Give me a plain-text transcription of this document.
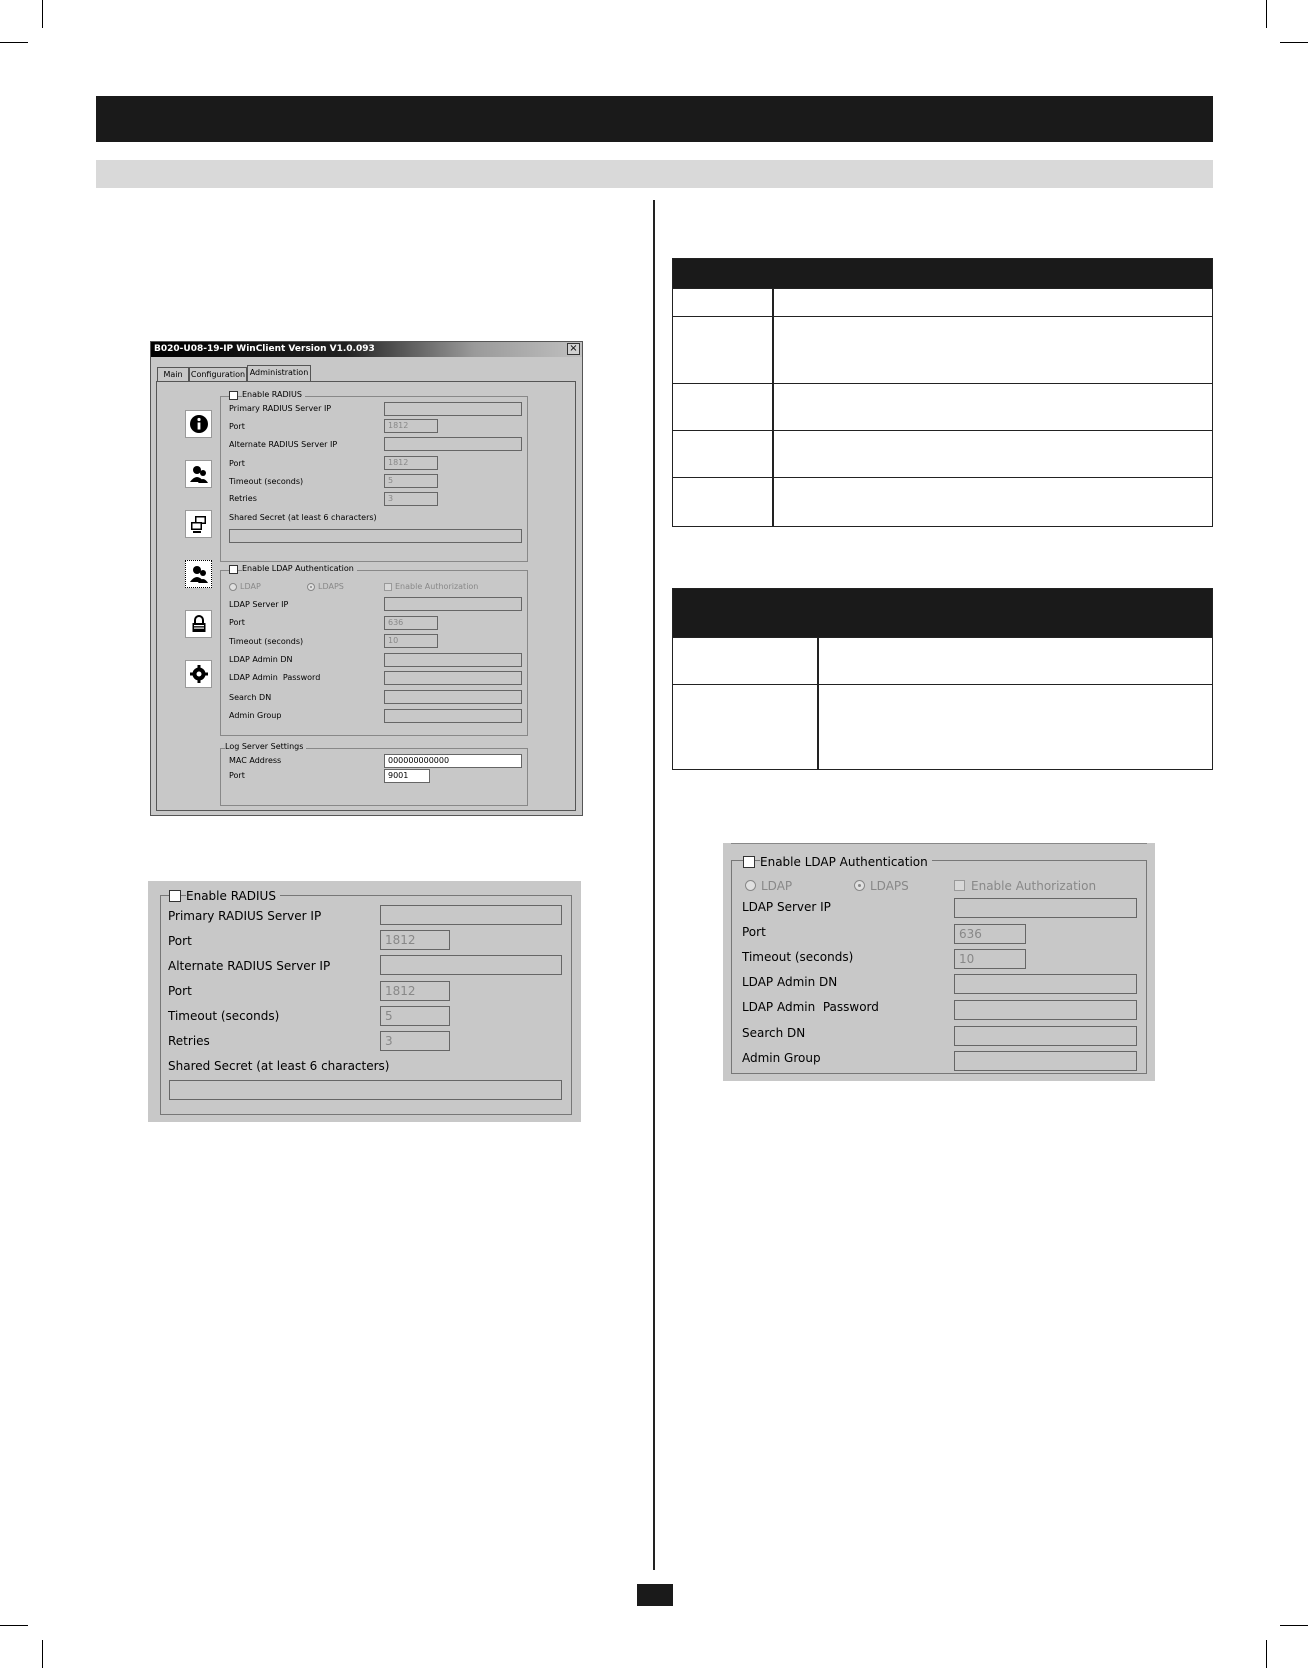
B020-U08-19-IP WinClient Version V1.0.093	×
Main	Configuration Administration
Enable RADIUS
Primary RADIUS Server IP
Port	1812
Alternate RADIUS Server IP
Port	1812
Timeout (seconds)	5
Retries	3
Shared Secret (at least 6 characters)
Enable LDAP Authentication
LDAP	LDAPS	Enable Authorization
LDAP Server IP
Port	636
Timeout (seconds)	10
LDAP Admin DN
LDAP Admin  Password
Search DN
Admin Group
Log Server Settings
MAC Address	000000000000
Port	9001
Enable RADIUS
Primary RADIUS Server IP
Port	1812
Alternate RADIUS Server IP
Port	1812
Timeout (seconds)	5
Retries	3
Shared Secret (at least 6 characters)
Enable LDAP Authentication
LDAP	LDAPS	Enable Authorization
LDAP Server IP
Port	636
Timeout (seconds)	10
LDAP Admin DN
LDAP Admin  Password
Search DN
Admin Group
